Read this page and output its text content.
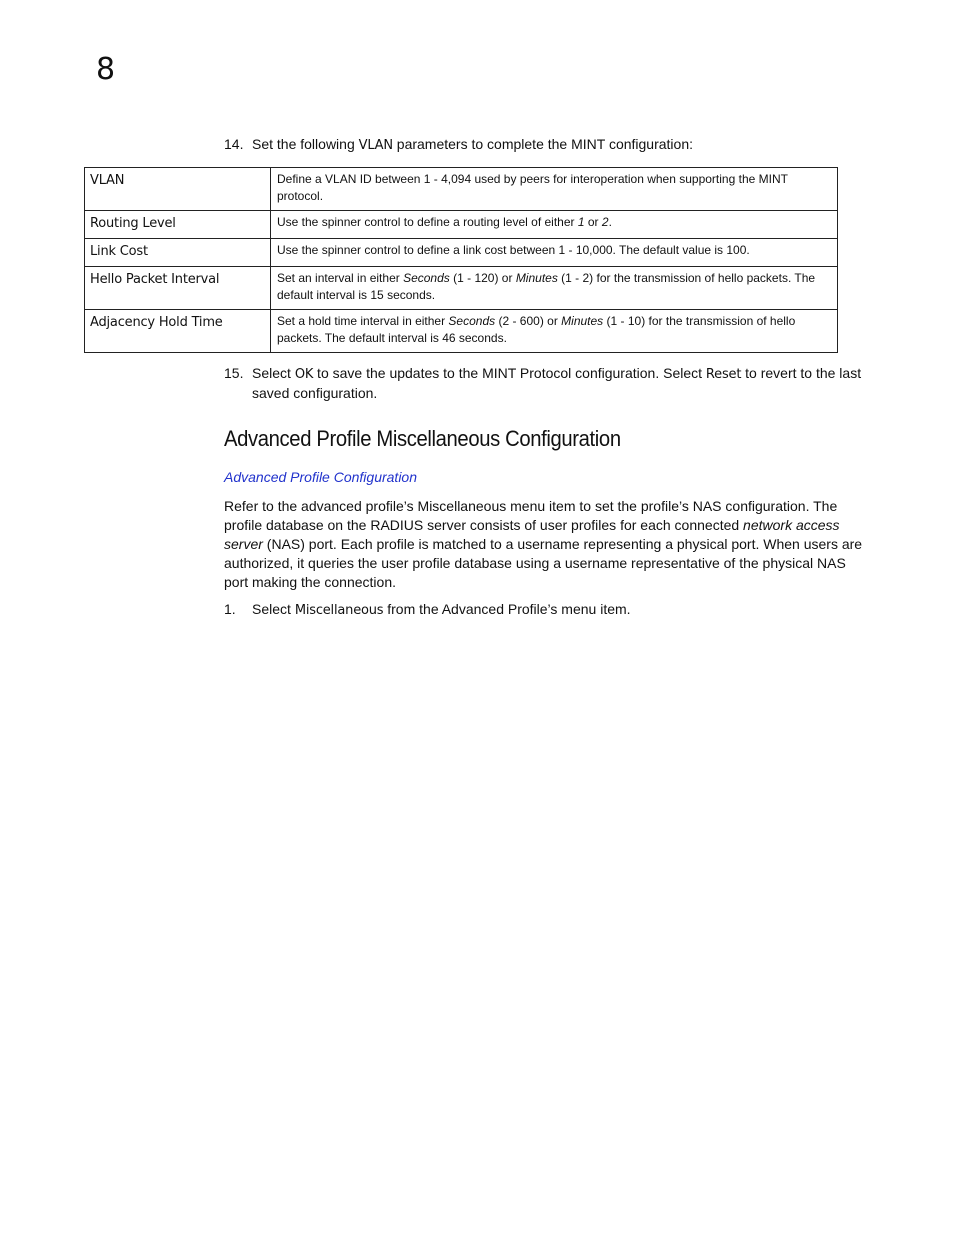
8
14. Set the following VLAN parameters to complete the MINT configuration:
VLAN	Define a VLAN ID between 1 - 4,094 used by peers for interoperation when supporting the MINT protocol.
Routing Level	Use the spinner control to define a routing level of either 1 or 2.
Link Cost	Use the spinner control to define a link cost between 1 - 10,000. The default value is 100.
Hello Packet Interval	Set an interval in either Seconds (1 - 120) or Minutes (1 - 2) for the transmission of hello packets. The default interval is 15 seconds.
Adjacency Hold Time	Set a hold time interval in either Seconds (2 - 600) or Minutes (1 - 10) for the transmission of hello packets. The default interval is 46 seconds.
15. Select OK to save the updates to the MINT Protocol configuration. Select Reset to revert to the last saved configuration.
Advanced Profile Miscellaneous Configuration
Advanced Profile Configuration

Refer to the advanced profile’s Miscellaneous menu item to set the profile’s NAS configuration. The profile database on the RADIUS server consists of user profiles for each connected network access server (NAS) port. Each profile is matched to a username representing a physical port. When users are authorized, it queries the user profile database using a username representative of the physical NAS port making the connection.

1. Select Miscellaneous from the Advanced Profile’s menu item.
